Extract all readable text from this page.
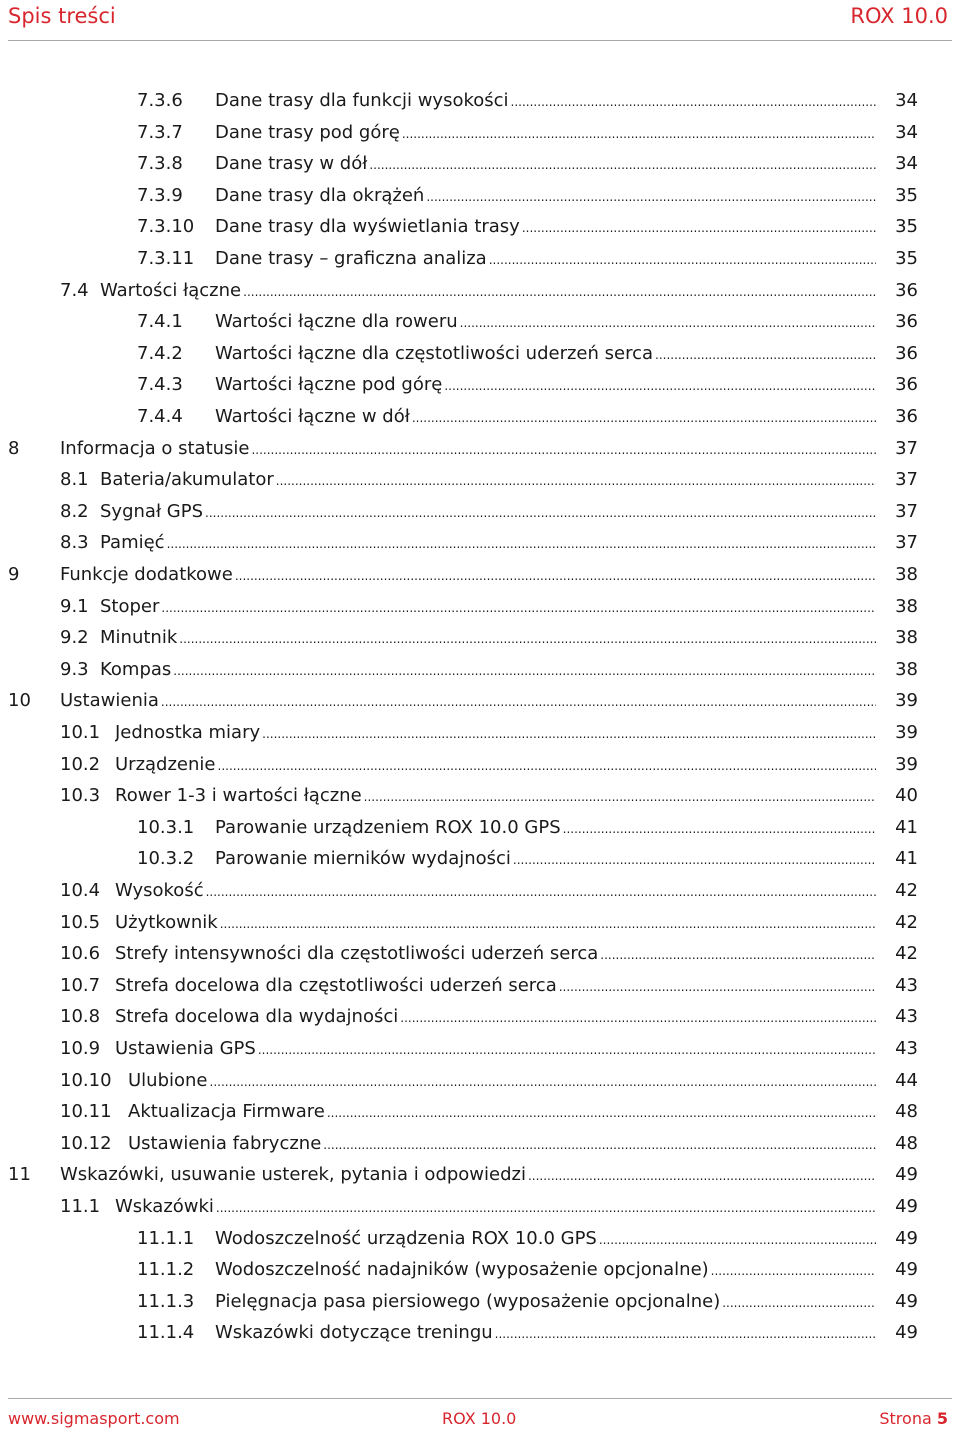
Spis treści	ROX 10.0
7.3.6 Dane trasy dla funkcji wysokości .....	34
7.3.7 Dane trasy pod górę .....	34
7.3.8 Dane trasy w dół .....	34
7.3.9 Dane trasy dla okrążeń .....	35
7.3.10 Dane trasy dla wyświetlania trasy .....	35
7.3.11 Dane trasy – graficzna analiza .....	35
7.4 Wartości łączne .....	36
7.4.1 Wartości łączne dla roweru .....	36
7.4.2 Wartości łączne dla częstotliwości uderzeń serca .....	36
7.4.3 Wartości łączne pod górę .....	36
7.4.4 Wartości łączne w dół .....	36
8 Informacja o statusie .....	37
8.1 Bateria/akumulator .....	37
8.2 Sygnał GPS .....	37
8.3 Pamięć .....	37
9 Funkcje dodatkowe .....	38
9.1 Stoper .....	38
9.2 Minutnik .....	38
9.3 Kompas .....	38
10 Ustawienia .....	39
10.1 Jednostka miary .....	39
10.2 Urządzenie .....	39
10.3 Rower 1-3 i wartości łączne .....	40
10.3.1 Parowanie urządzeniem ROX 10.0 GPS .....	41
10.3.2 Parowanie mierników wydajności .....	41
10.4 Wysokość .....	42
10.5 Użytkownik .....	42
10.6 Strefy intensywności dla częstotliwości uderzeń serca .....	42
10.7 Strefa docelowa dla częstotliwości uderzeń serca .....	43
10.8 Strefa docelowa dla wydajności .....	43
10.9 Ustawienia GPS .....	43
10.10 Ulubione .....	44
10.11 Aktualizacja Firmware .....	48
10.12 Ustawienia fabryczne .....	48
11 Wskazówki, usuwanie usterek, pytania i odpowiedzi .....	49
11.1 Wskazówki .....	49
11.1.1 Wodoszczelność urządzenia ROX 10.0 GPS .....	49
11.1.2 Wodoszczelność nadajników (wyposażenie opcjonalne) .....	49
11.1.3 Pielęgnacja pasa piersiowego (wyposażenie opcjonalne) .....	49
11.1.4 Wskazówki dotyczące treningu .....	49
www.sigmasport.com	ROX 10.0	Strona 5
